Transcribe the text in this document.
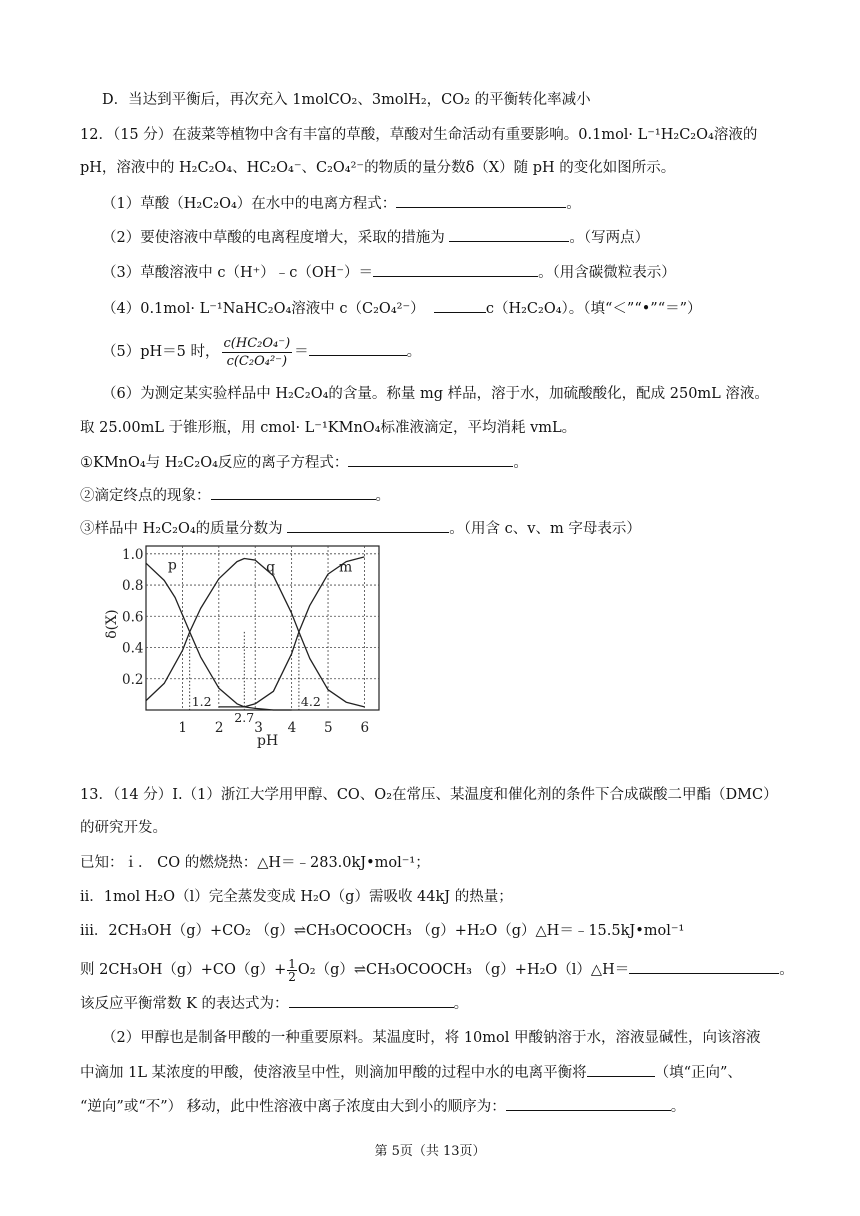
D．当达到平衡后，再次充入 1molCO₂、3molH₂，CO₂ 的平衡转化率减小
12．（15 分）在菠菜等植物中含有丰富的草酸，草酸对生命活动有重要影响。0.1mol· L⁻¹H₂C₂O₄溶液的
pH，溶液中的 H₂C₂O₄、HC₂O₄⁻、C₂O₄²⁻的物质的量分数δ（X）随 pH 的变化如图所示。
（1）草酸（H₂C₂O₄）在水中的电离方程式：	。
（2）要使溶液中草酸的电离程度增大，采取的措施为	。（写两点）
（3）草酸溶液中 c（H⁺）﹣c（OH⁻）＝	。（用含碳微粒表示）
（4）0.1mol· L⁻¹NaHC₂O₄溶液中 c（C₂O₄²⁻）	c（H₂C₂O₄）。（填“＜”“•”“＝”）
（5）pH＝5 时， $\frac{\text{c(HC₂O₄⁻)}}{\text{c(C₂O₄²⁻)}}$ ＝	。
（6）为测定某实验样品中 H₂C₂O₄的含量。称量 mg 样品，溶于水，加硫酸酸化，配成 250mL 溶液。
取 25.00mL 于锥形瓶，用 cmol· L⁻¹KMnO₄标准液滴定，平均消耗 vmL。
①KMnO₄与 H₂C₂O₄反应的离子方程式：	。
②滴定终点的现象：	。
③样品中 H₂C₂O₄的质量分数为	。（用含 c、v、m 字母表示）
p	q	m
1.2
2.7
4.2
1 2 3 4 5 6
0.2
0.4
0.6
0.8
1.0
pH
δ(X)
13．（14 分）Ⅰ.（1）浙江大学用甲醇、CO、O₂在常压、某温度和催化剂的条件下合成碳酸二甲酯（DMC）
的研究开发。
已知：ｉ． CO 的燃烧热：△H＝﹣283.0kJ•mol⁻¹；
ⅱ．1mol H₂O（l）完全蒸发变成 H₂O（g）需吸收 44kJ 的热量；
ⅲ．2CH₃OH（g）+CO₂ （g）⇌CH₃OCOOCH₃ （g）+H₂O（g）△H＝﹣15.5kJ•mol⁻¹
则 $2CH_3OH(g)+CO(g)+ \frac{1}{2}$ O₂（g）⇌CH₃OCOOCH₃ （g）+H₂O（l）△H＝	。
该反应平衡常数 K 的表达式为：	。
（2）甲醇也是制备甲酸的一种重要原料。某温度时，将 10mol 甲酸钠溶于水，溶液显碱性，向该溶液
中滴加 1L 某浓度的甲酸，使溶液呈中性，则滴加甲酸的过程中水的电离平衡将	（填“正向”、
“逆向”或“不”） 移动，此中性溶液中离子浓度由大到小的顺序为：	。
第 5页（共 13页）
